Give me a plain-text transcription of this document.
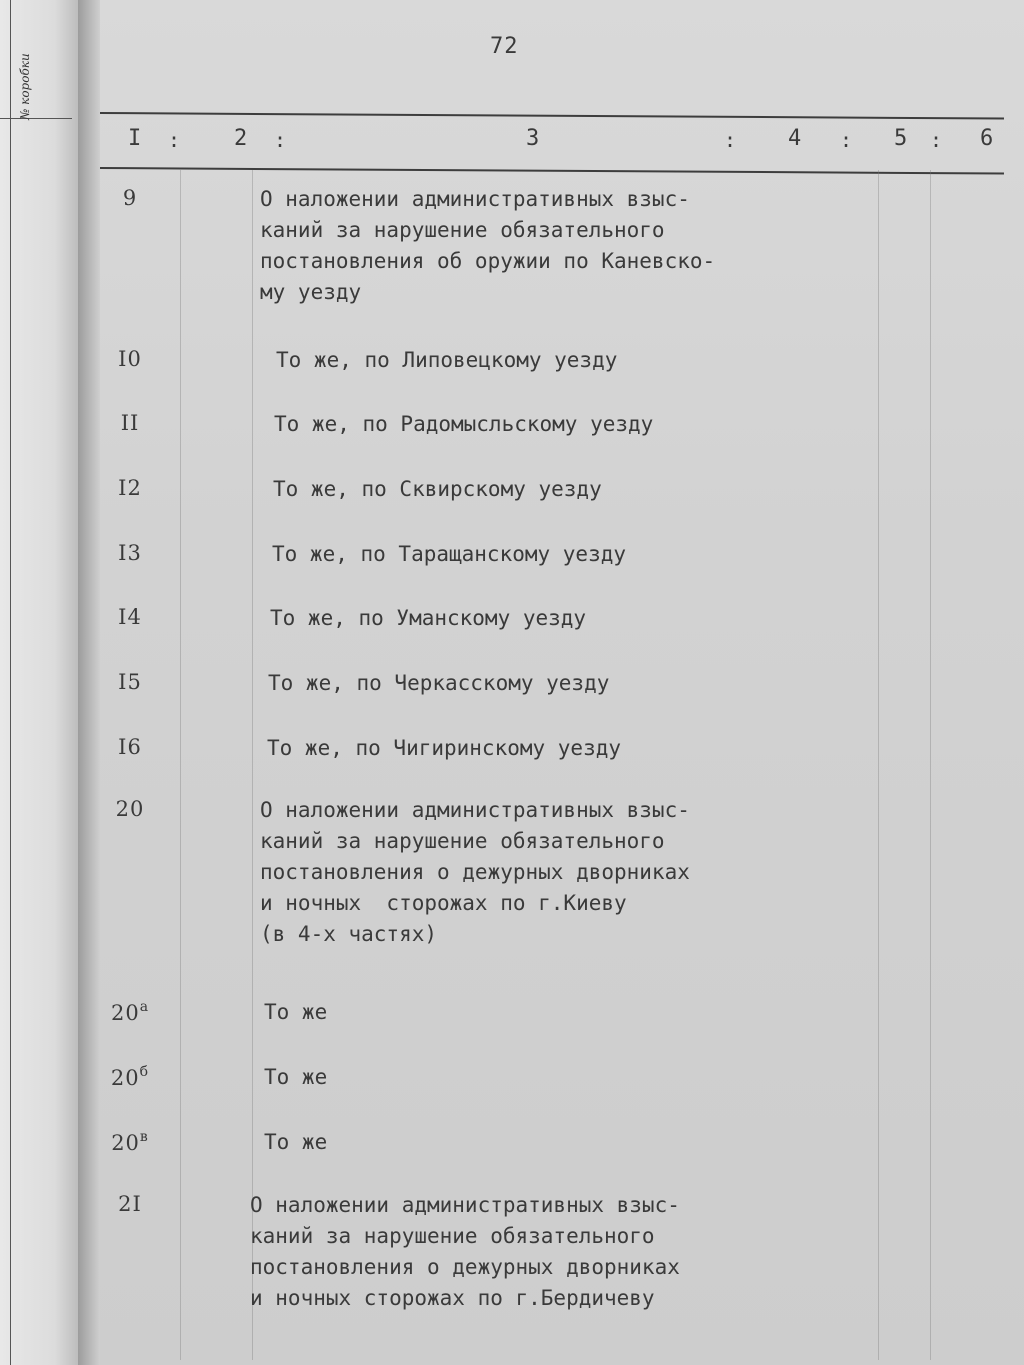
№ коробки
72
I : 2 :	3	: 4 : 5 : 6
9	О наложении административных взыс-
каний за нарушение обязательного
постановления об оружии по Каневско-
му уезду
I0	То же, по Липовецкому уезду
II	То же, по Радомысльскому уезду
I2	То же, по Сквирскому уезду
I3	То же, по Таращанскому уезду
I4	То же, по Уманскому уезду
I5	То же, по Черкасскому уезду
I6	То же, по Чигиринскому уезду
20	О наложении административных взыс-
каний за нарушение обязательного
постановления о дежурных дворниках
и ночных  сторожах по г.Киеву
(в 4-х частях)
$20^а$	То же
$20^б$	То же
$20^в$	То же
2I	О наложении административных взыс-
каний за нарушение обязательного
постановления о дежурных дворниках
и ночных сторожах по г.Бердичеву
